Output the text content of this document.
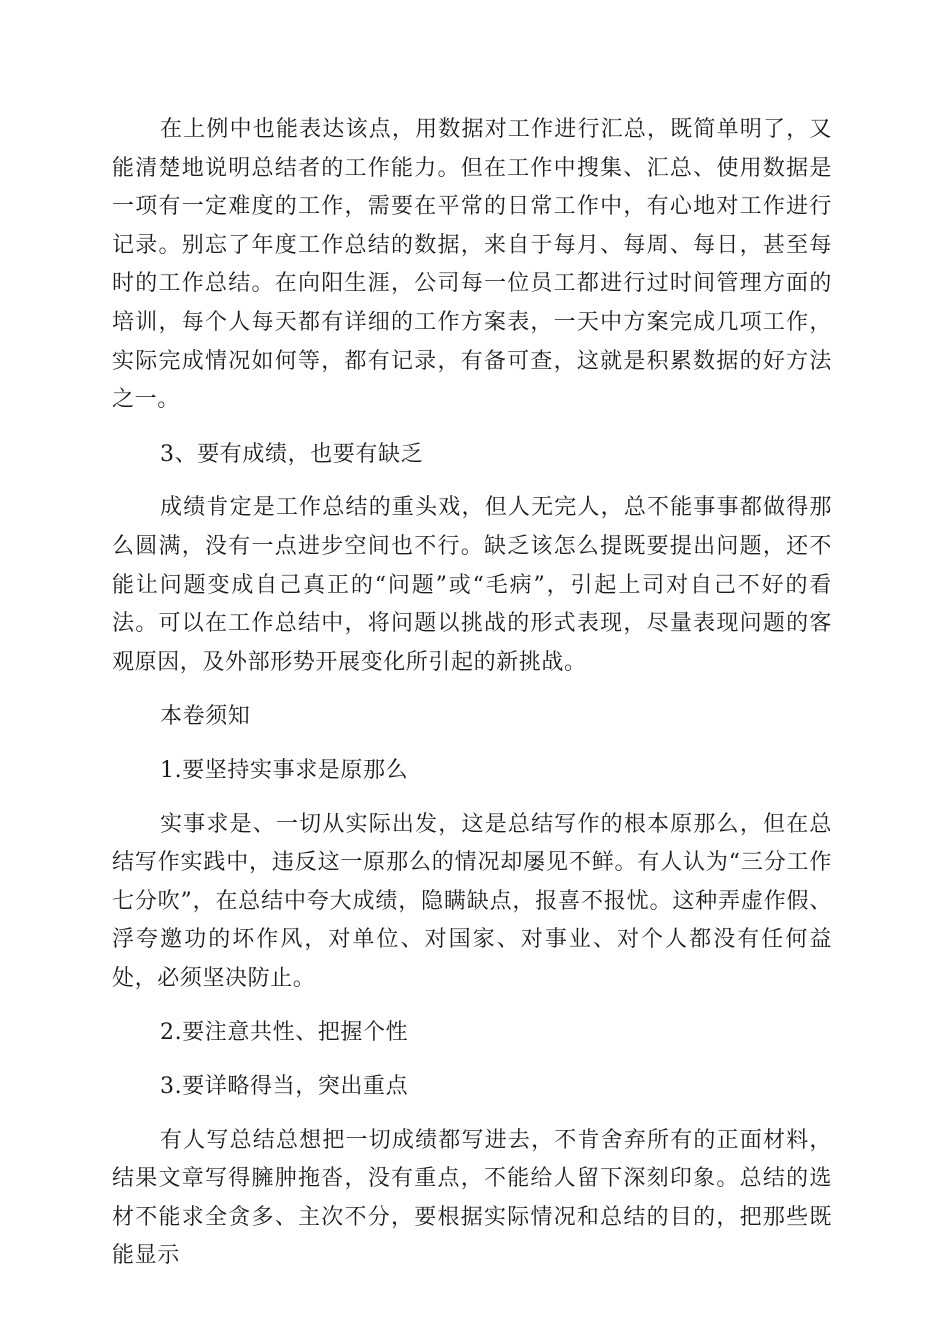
在上例中也能表达该点，用数据对工作进行汇总，既简单明了，又能清楚地说明总结者的工作能力。但在工作中搜集、汇总、使用数据是一项有一定难度的工作，需要在平常的日常工作中，有心地对工作进行记录。别忘了年度工作总结的数据，来自于每月、每周、每日，甚至每时的工作总结。在向阳生涯，公司每一位员工都进行过时间管理方面的培训，每个人每天都有详细的工作方案表，一天中方案完成几项工作，实际完成情况如何等，都有记录，有备可查，这就是积累数据的好方法之一。

3、要有成绩，也要有缺乏

成绩肯定是工作总结的重头戏，但人无完人，总不能事事都做得那么圆满，没有一点进步空间也不行。缺乏该怎么提既要提出问题，还不能让问题变成自己真正的“问题”或“毛病”，引起上司对自己不好的看法。可以在工作总结中，将问题以挑战的形式表现，尽量表现问题的客观原因，及外部形势开展变化所引起的新挑战。

本卷须知

1.要坚持实事求是原那么

实事求是、一切从实际出发，这是总结写作的根本原那么，但在总结写作实践中，违反这一原那么的情况却屡见不鲜。有人认为“三分工作七分吹”，在总结中夸大成绩，隐瞒缺点，报喜不报忧。这种弄虚作假、浮夸邀功的坏作风，对单位、对国家、对事业、对个人都没有任何益处，必须坚决防止。

2.要注意共性、把握个性

3.要详略得当，突出重点

有人写总结总想把一切成绩都写进去，不肯舍弃所有的正面材料，结果文章写得臃肿拖沓，没有重点，不能给人留下深刻印象。总结的选材不能求全贪多、主次不分，要根据实际情况和总结的目的，把那些既能显示
